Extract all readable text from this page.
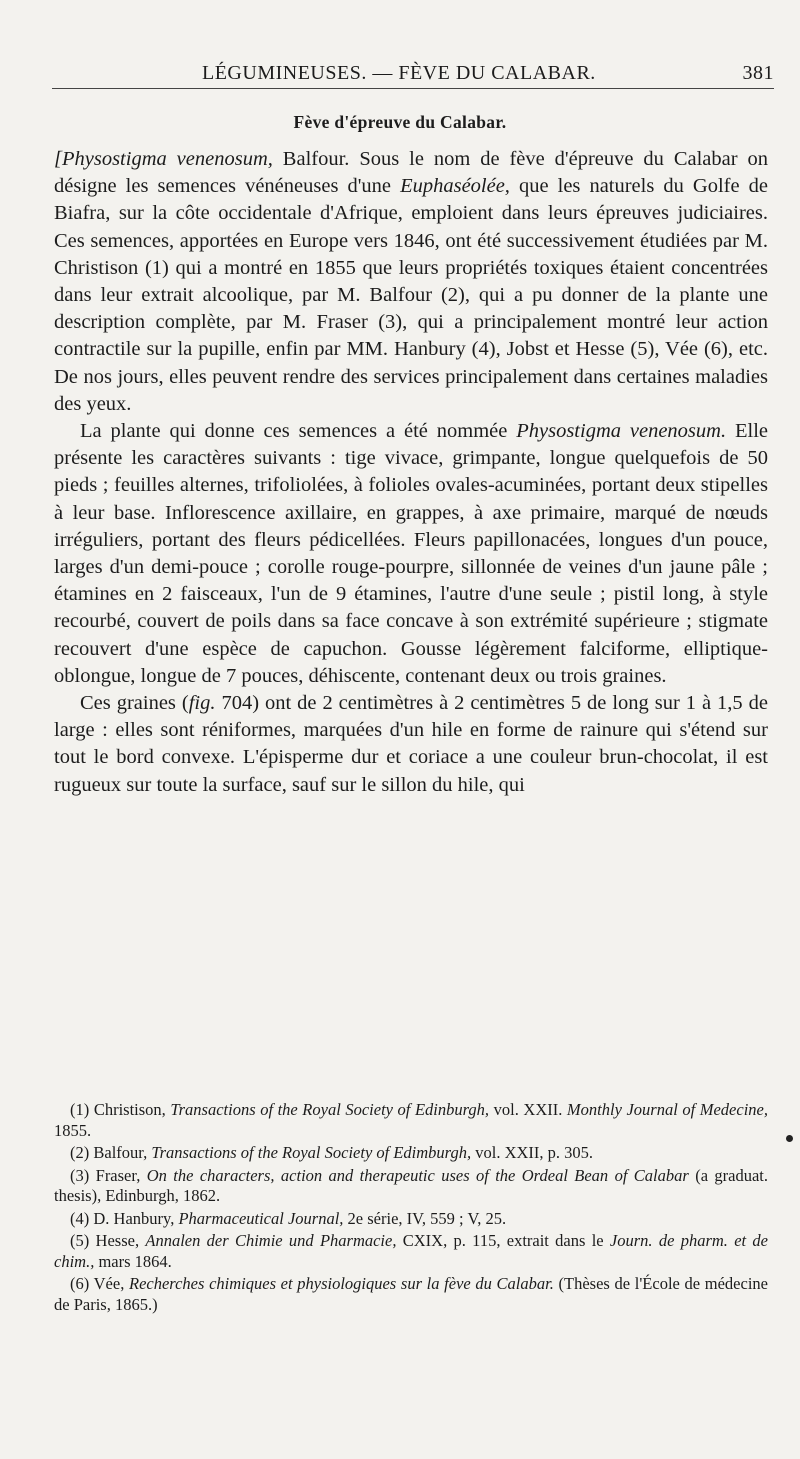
LÉGUMINEUSES. — FÈVE DU CALABAR.	381
Fève d'épreuve du Calabar.

[Physostigma venenosum, Balfour. Sous le nom de fève d'épreuve du Calabar on désigne les semences vénéneuses d'une Euphaséolée, que les naturels du Golfe de Biafra, sur la côte occidentale d'Afrique, emploient dans leurs épreuves judiciaires. Ces semences, apportées en Europe vers 1846, ont été successivement étudiées par M. Christison (1) qui a montré en 1855 que leurs propriétés toxiques étaient concentrées dans leur extrait alcoolique, par M. Balfour (2), qui a pu donner de la plante une description complète, par M. Fraser (3), qui a principalement montré leur action contractile sur la pupille, enfin par MM. Hanbury (4), Jobst et Hesse (5), Vée (6), etc. De nos jours, elles peuvent rendre des services principalement dans certaines maladies des yeux.

La plante qui donne ces semences a été nommée Physostigma venenosum. Elle présente les caractères suivants : tige vivace, grimpante, longue quelquefois de 50 pieds ; feuilles alternes, trifoliolées, à folioles ovales-acuminées, portant deux stipelles à leur base. Inflorescence axillaire, en grappes, à axe primaire, marqué de nœuds irréguliers, portant des fleurs pédicellées. Fleurs papillonacées, longues d'un pouce, larges d'un demi-pouce ; corolle rouge-pourpre, sillonnée de veines d'un jaune pâle ; étamines en 2 faisceaux, l'un de 9 étamines, l'autre d'une seule ; pistil long, à style recourbé, couvert de poils dans sa face concave à son extrémité supérieure ; stigmate recouvert d'une espèce de capuchon. Gousse légèrement falciforme, elliptique-oblongue, longue de 7 pouces, déhiscente, contenant deux ou trois graines.

Ces graines (fig. 704) ont de 2 centimètres à 2 centimètres 5 de long sur 1 à 1,5 de large : elles sont réniformes, marquées d'un hile en forme de rainure qui s'étend sur tout le bord convexe. L'épisperme dur et coriace a une couleur brun-chocolat, il est rugueux sur toute la surface, sauf sur le sillon du hile, qui

(1) Christison, Transactions of the Royal Society of Edinburgh, vol. XXII. Monthly Journal of Medecine, 1855.

(2) Balfour, Transactions of the Royal Society of Edimburgh, vol. XXII, p. 305.

(3) Fraser, On the characters, action and therapeutic uses of the Ordeal Bean of Calabar (a graduat. thesis), Edinburgh, 1862.

(4) D. Hanbury, Pharmaceutical Journal, 2e série, IV, 559 ; V, 25.

(5) Hesse, Annalen der Chimie und Pharmacie, CXIX, p. 115, extrait dans le Journ. de pharm. et de chim., mars 1864.

(6) Vée, Recherches chimiques et physiologiques sur la fève du Calabar. (Thèses de l'École de médecine de Paris, 1865.)
